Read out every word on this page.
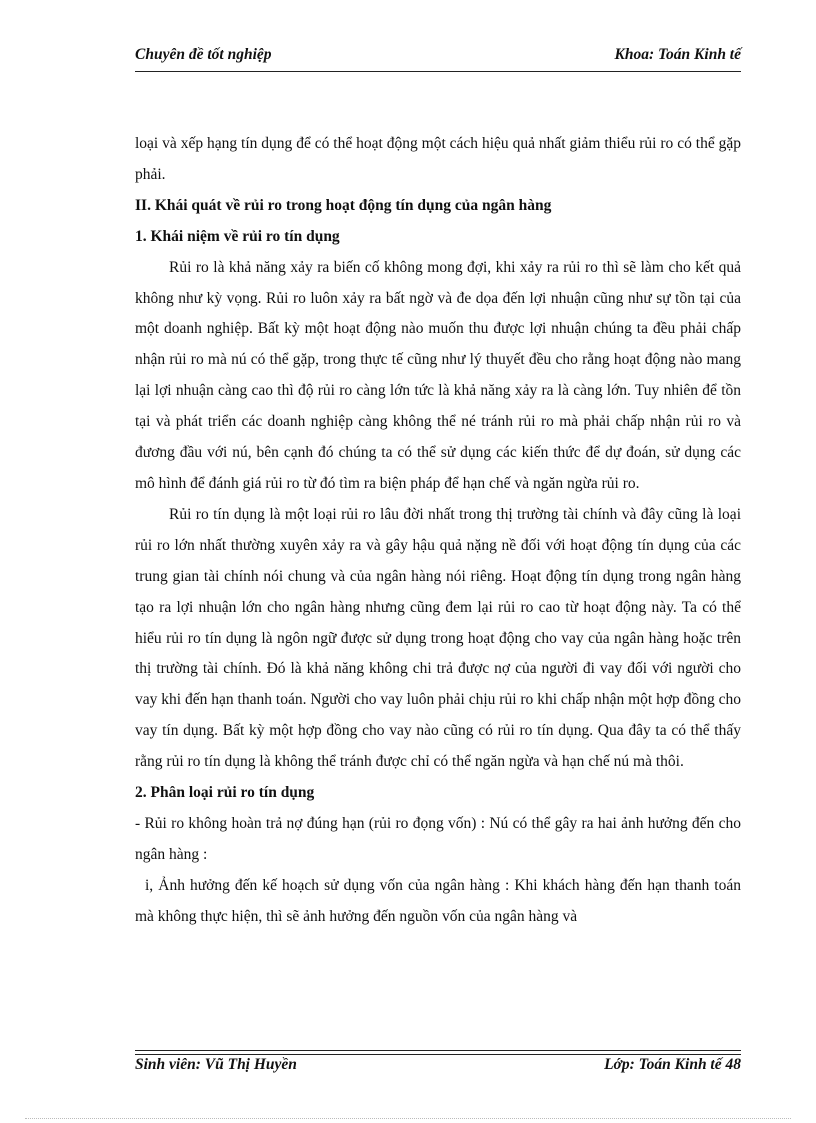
Chuyên đề tốt nghiệp	Khoa: Toán Kinh tế

loại và xếp hạng tín dụng để có thể hoạt động một cách hiệu quả nhất giảm thiểu rủi ro có thể gặp phải.

II. Khái quát về rủi ro trong hoạt động tín dụng của ngân hàng

1. Khái niệm về rủi ro tín dụng

Rủi ro là khả năng xảy ra biến cố không mong đợi, khi xảy ra rủi ro thì sẽ làm cho kết quả không như kỳ vọng. Rủi ro luôn xảy ra bất ngờ và đe dọa đến lợi nhuận cũng như sự tồn tại của một doanh nghiệp. Bất kỳ một hoạt động nào muốn thu được lợi nhuận chúng ta đều phải chấp nhận rủi ro mà nú có thể gặp, trong thực tế cũng như lý thuyết đều cho rằng hoạt động nào mang lại lợi nhuận càng cao thì độ rủi ro càng lớn tức là khả năng xảy ra là càng lớn. Tuy nhiên để tồn tại và phát triển các doanh nghiệp càng không thể né tránh rủi ro mà phải chấp nhận rủi ro và đương đầu với nú, bên cạnh đó chúng ta có thể sử dụng các kiến thức để dự đoán, sử dụng các mô hình để đánh giá rủi ro từ đó tìm ra biện pháp để hạn chế và ngăn ngừa rủi ro.

Rủi ro tín dụng là một loại rủi ro lâu đời nhất trong thị trường tài chính và đây cũng là loại rủi ro lớn nhất thường xuyên xảy ra và gây hậu quả nặng nề đối với hoạt động tín dụng của các trung gian tài chính nói chung và của ngân hàng nói riêng. Hoạt động tín dụng trong ngân hàng tạo ra lợi nhuận lớn cho ngân hàng nhưng cũng đem lại rủi ro cao từ hoạt động này. Ta có thể hiểu rủi ro tín dụng là ngôn ngữ được sử dụng trong hoạt động cho vay của ngân hàng hoặc trên thị trường tài chính. Đó là khả năng không chi trả được nợ của người đi vay đối với người cho vay khi đến hạn thanh toán. Người cho vay luôn phải chịu rủi ro khi chấp nhận một hợp đồng cho vay tín dụng. Bất kỳ một hợp đồng cho vay nào cũng có rủi ro tín dụng. Qua đây ta có thể thấy rằng rủi ro tín dụng là không thể tránh được chỉ có thể ngăn ngừa và hạn chế nú mà thôi.

2. Phân loại rủi ro tín dụng

- Rủi ro không hoàn trả nợ đúng hạn (rủi ro đọng vốn) : Nú có thể gây ra hai ảnh hưởng đến cho ngân hàng :

i, Ảnh hưởng đến kế hoạch sử dụng vốn của ngân hàng : Khi khách hàng đến hạn thanh toán mà không thực hiện, thì sẽ ảnh hưởng đến nguồn vốn của ngân hàng và

Sinh viên: Vũ Thị Huyền	Lớp: Toán Kinh tế 48
